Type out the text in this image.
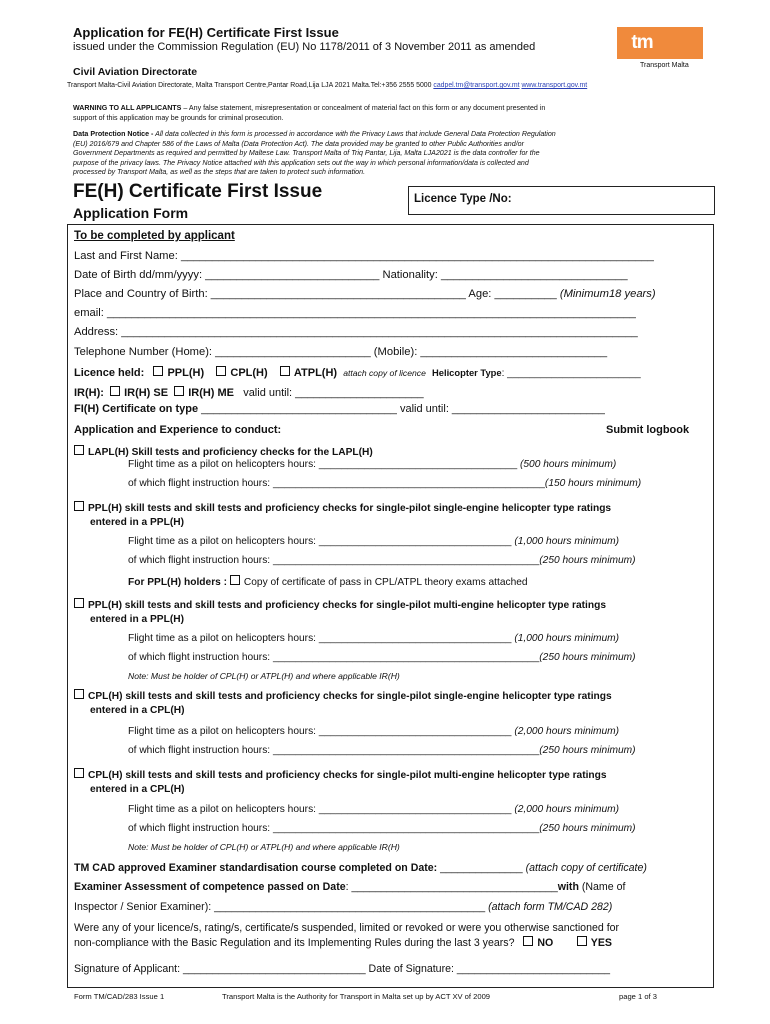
Application for FE(H) Certificate First Issue
issued under the Commission Regulation (EU) No 1178/2011 of 3 November 2011 as amended
Civil Aviation Directorate
tm
Transport Malta
Transport Malta-Civil Aviation Directorate, Malta Transport Centre,Pantar Road,Lija LJA 2021 Malta.Tel:+356 2555 5000 cadpel.tm@transport.gov.mt www.transport.gov.mt
WARNING TO ALL APPLICANTS – Any false statement, misrepresentation or concealment of material fact on this form or any document presented in
support of this application may be grounds for criminal prosecution.
Data Protection Notice - All data collected in this form is processed in accordance with the Privacy Laws that include General Data Protection Regulation
(EU) 2016/679 and Chapter 586 of the Laws of Malta (Data Protection Act). The data provided may be granted to other Public Authorities and/or
Government Departments as required and permitted by Maltese Law. Transport Malta of Triq Pantar, Lija, Malta LJA2021 is the data controller for the
purpose of the privacy laws. The Privacy Notice attached with this application sets out the way in which personal information/data is collected and
processed by Transport Malta, as well as the steps that are taken to protect such information.
FE(H) Certificate First Issue
Application Form
Licence Type /No:
To be completed by applicant
Last and First Name: ____________________________________________________________________________
Date of Birth dd/mm/yyyy: ____________________________ Nationality: ______________________________
Place and Country of Birth: _________________________________________ Age: __________ (Minimum18 years)
email: _____________________________________________________________________________________
Address: ___________________________________________________________________________________
Telephone Number (Home): _________________________ (Mobile): ______________________________
Licence held: PPL(H) CPL(H) ATPL(H) attach copy of licence Helicopter Type: ________________________
IR(H): IR(H) SE IR(H) ME valid until: _____________________
FI(H) Certificate on type ________________________________ valid until: _________________________
Application and Experience to conduct:	Submit logbook
LAPL(H) Skill tests and proficiency checks for the LAPL(H)
Flight time as a pilot on helicopters hours: ___________________________________ (500 hours minimum)
of which flight instruction hours: ________________________________________________(150 hours minimum)
PPL(H) skill tests and skill tests and proficiency checks for single-pilot single-engine helicopter type ratings
entered in a PPL(H)
Flight time as a pilot on helicopters hours: __________________________________ (1,000 hours minimum)
of which flight instruction hours: _______________________________________________(250 hours minimum)
For PPL(H) holders : Copy of certificate of pass in CPL/ATPL theory exams attached
PPL(H) skill tests and skill tests and proficiency checks for single-pilot multi-engine helicopter type ratings
entered in a PPL(H)
Flight time as a pilot on helicopters hours: __________________________________ (1,000 hours minimum)
of which flight instruction hours: _______________________________________________(250 hours minimum)
Note: Must be holder of CPL(H) or ATPL(H) and where applicable IR(H)
CPL(H) skill tests and skill tests and proficiency checks for single-pilot single-engine helicopter type ratings
entered in a CPL(H)
Flight time as a pilot on helicopters hours: __________________________________ (2,000 hours minimum)
of which flight instruction hours: _______________________________________________(250 hours minimum)
CPL(H) skill tests and skill tests and proficiency checks for single-pilot multi-engine helicopter type ratings
entered in a CPL(H)
Flight time as a pilot on helicopters hours: __________________________________ (2,000 hours minimum)
of which flight instruction hours: _______________________________________________(250 hours minimum)
Note: Must be holder of CPL(H) or ATPL(H) and where applicable IR(H)
TM CAD approved Examiner standardisation course completed on Date: ______________ (attach copy of certificate)
Examiner Assessment of competence passed on Date: ___________________________________with (Name of
Inspector / Senior Examiner): ______________________________________________ (attach form TM/CAD 282)
Were any of your licence/s, rating/s, certificate/s suspended, limited or revoked or were you otherwise sanctioned for
non-compliance with the Basic Regulation and its Implementing Rules during the last 3 years? NO	YES
Signature of Applicant: _______________________________ Date of Signature: __________________________
Form TM/CAD/283 Issue 1	Transport Malta is the Authority for Transport in Malta set up by ACT XV of 2009	page 1 of 3
